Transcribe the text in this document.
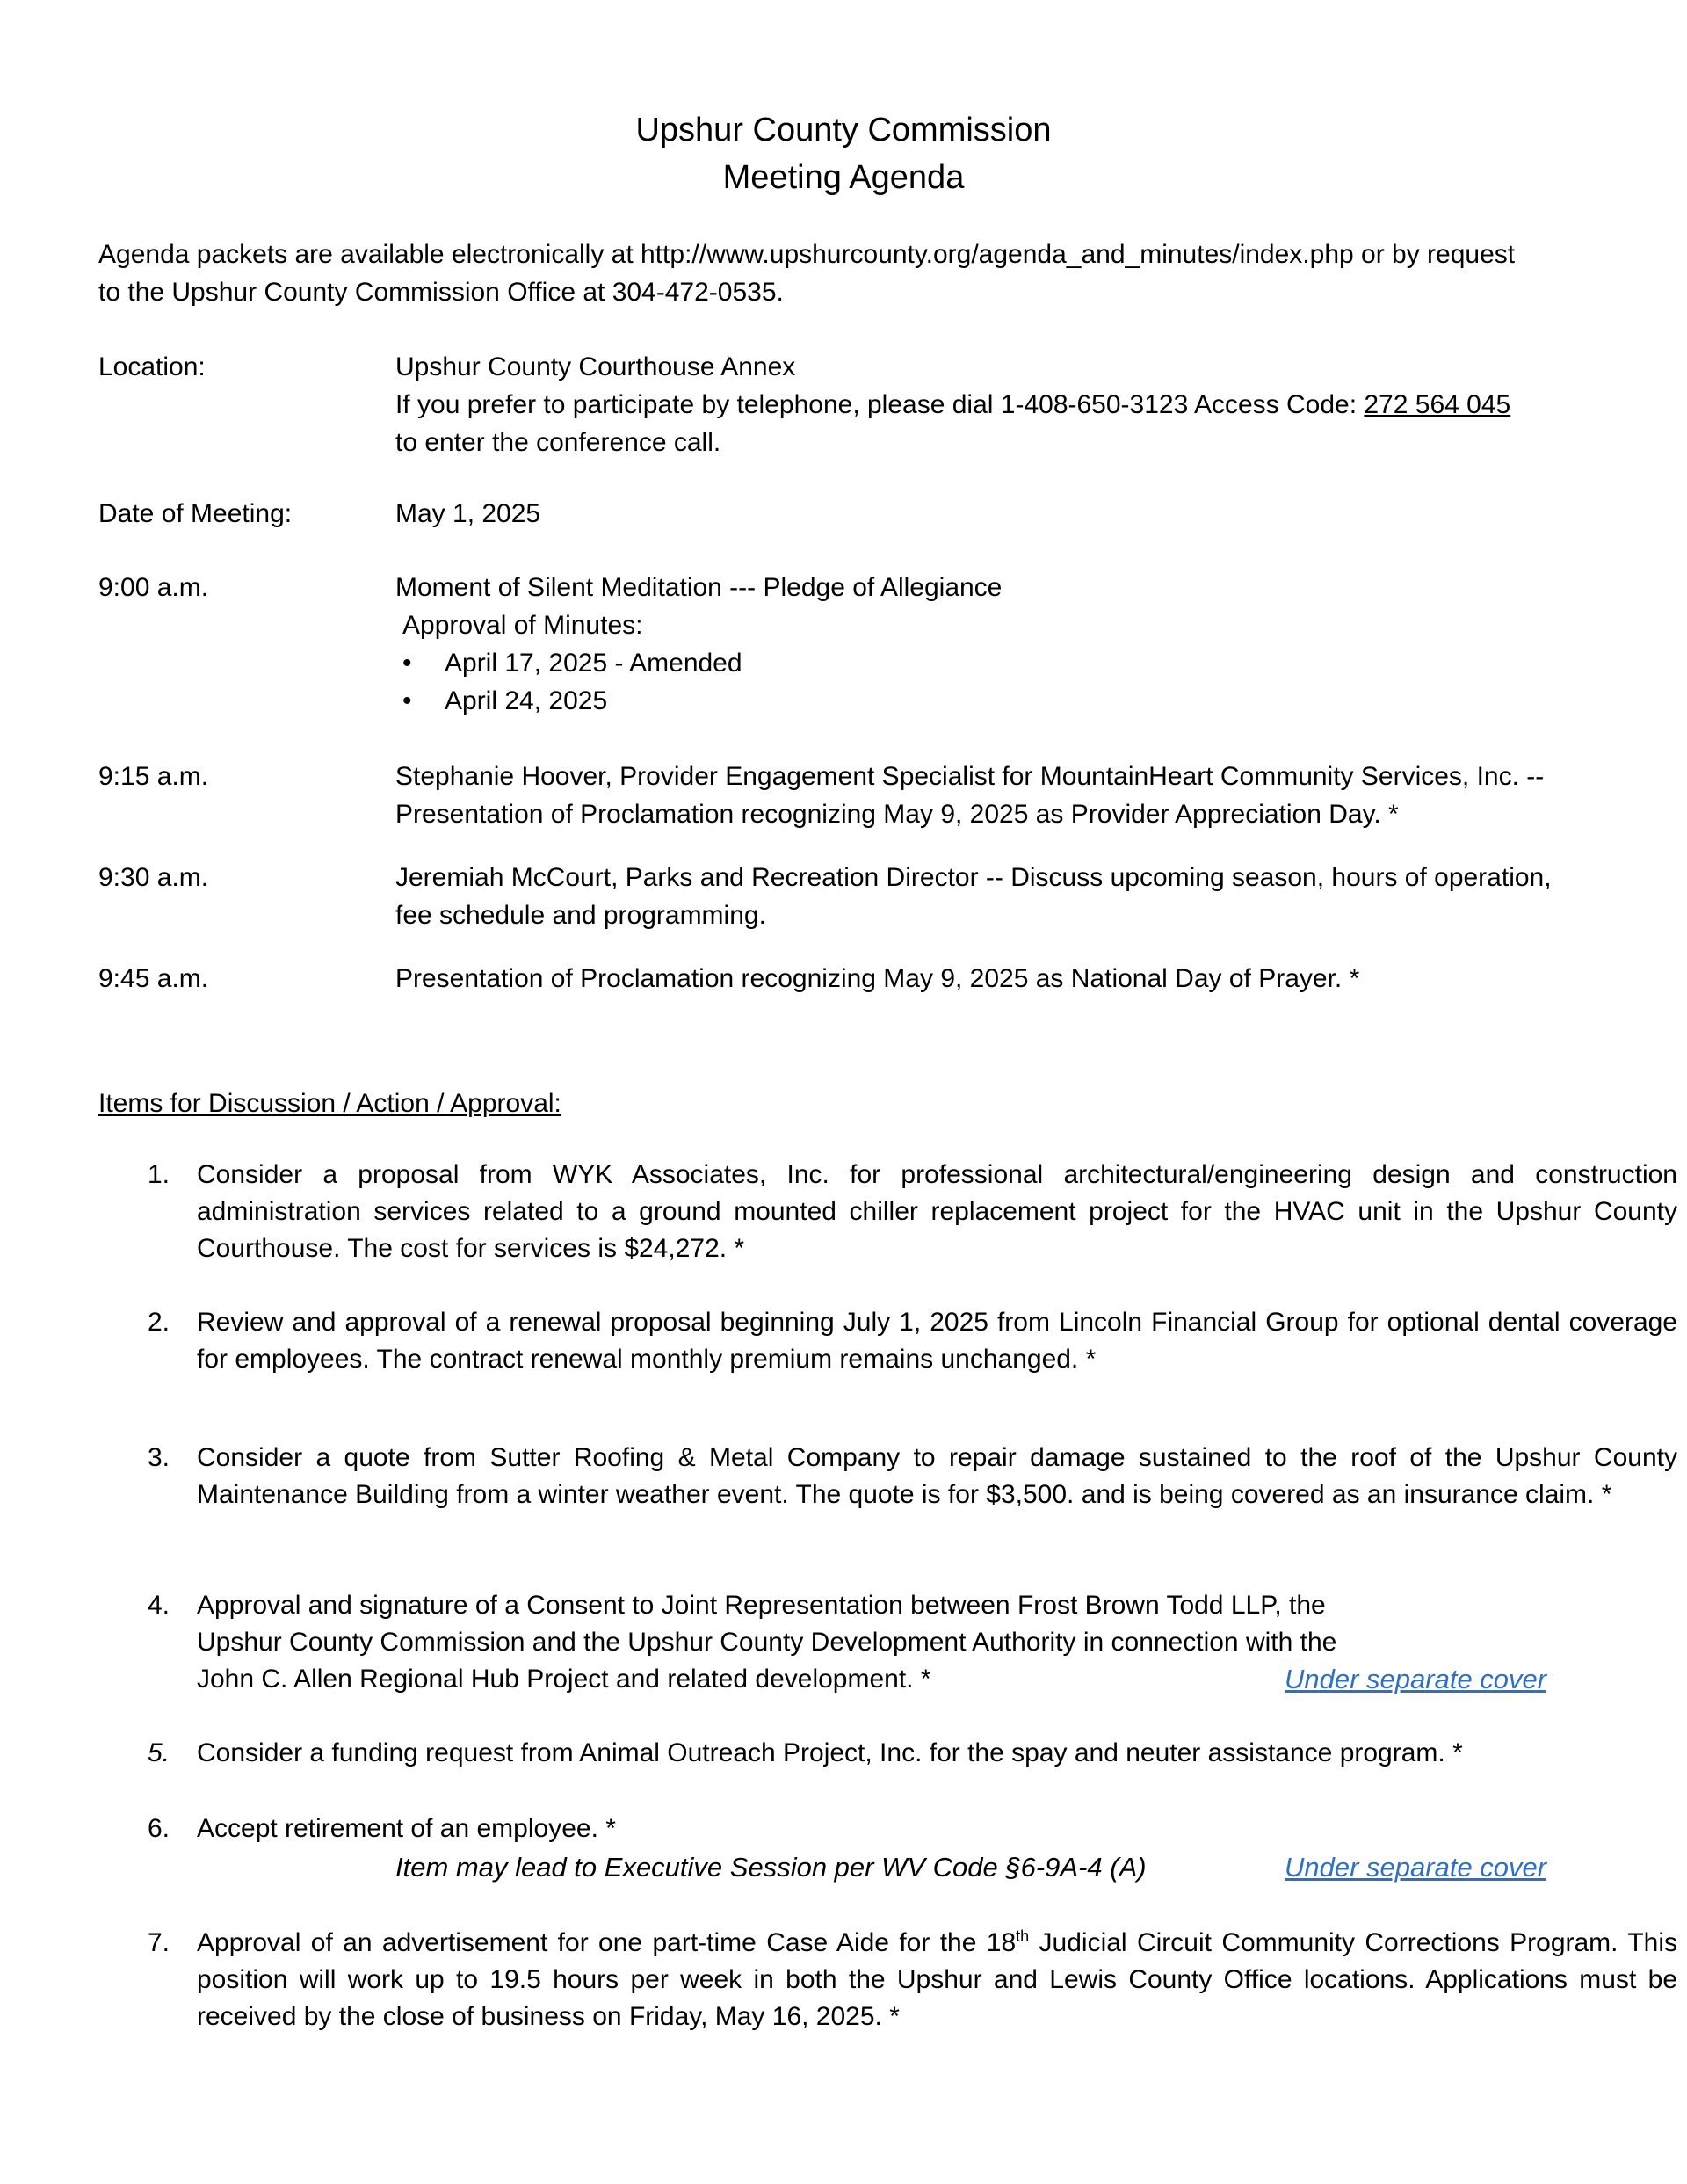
Upshur County Commission
Meeting Agenda
Agenda packets are available electronically at http://www.upshurcounty.org/agenda_and_minutes/index.php or by request
to the Upshur County Commission Office at 304-472-0535.
Location:	Upshur County Courthouse Annex
If you prefer to participate by telephone, please dial 1-408-650-3123 Access Code: 272 564 045
to enter the conference call.
Date of Meeting:	May 1, 2025
9:00 a.m.	Moment of Silent Meditation --- Pledge of Allegiance
Approval of Minutes:
• April 17, 2025 - Amended
• April 24, 2025
9:15 a.m.	Stephanie Hoover, Provider Engagement Specialist for MountainHeart Community Services, Inc. --
Presentation of Proclamation recognizing May 9, 2025 as Provider Appreciation Day. *
9:30 a.m.	Jeremiah McCourt, Parks and Recreation Director -- Discuss upcoming season, hours of operation,
fee schedule and programming.
9:45 a.m.	Presentation of Proclamation recognizing May 9, 2025 as National Day of Prayer. *
Items for Discussion / Action / Approval:
1.	Consider a proposal from WYK Associates, Inc. for professional architectural/engineering design and construction administration services related to a ground mounted chiller replacement project for the HVAC unit in the Upshur County Courthouse. The cost for services is $24,272. *
2.	Review and approval of a renewal proposal beginning July 1, 2025 from Lincoln Financial Group for optional dental coverage for employees. The contract renewal monthly premium remains unchanged. *
3.	Consider a quote from Sutter Roofing & Metal Company to repair damage sustained to the roof of the Upshur County Maintenance Building from a winter weather event. The quote is for $3,500. and is being covered as an insurance claim. *
4.	Approval and signature of a Consent to Joint Representation between Frost Brown Todd LLP, the Upshur County Commission and the Upshur County Development Authority in connection with the John C. Allen Regional Hub Project and related development. *	Under separate cover
5.	Consider a funding request from Animal Outreach Project, Inc. for the spay and neuter assistance program. *
6.	Accept retirement of an employee. *
Item may lead to Executive Session per WV Code §6-9A-4 (A)	Under separate cover
7.	Approval of an advertisement for one part-time Case Aide for the 18th Judicial Circuit Community Corrections Program. This position will work up to 19.5 hours per week in both the Upshur and Lewis County Office locations. Applications must be received by the close of business on Friday, May 16, 2025. *
